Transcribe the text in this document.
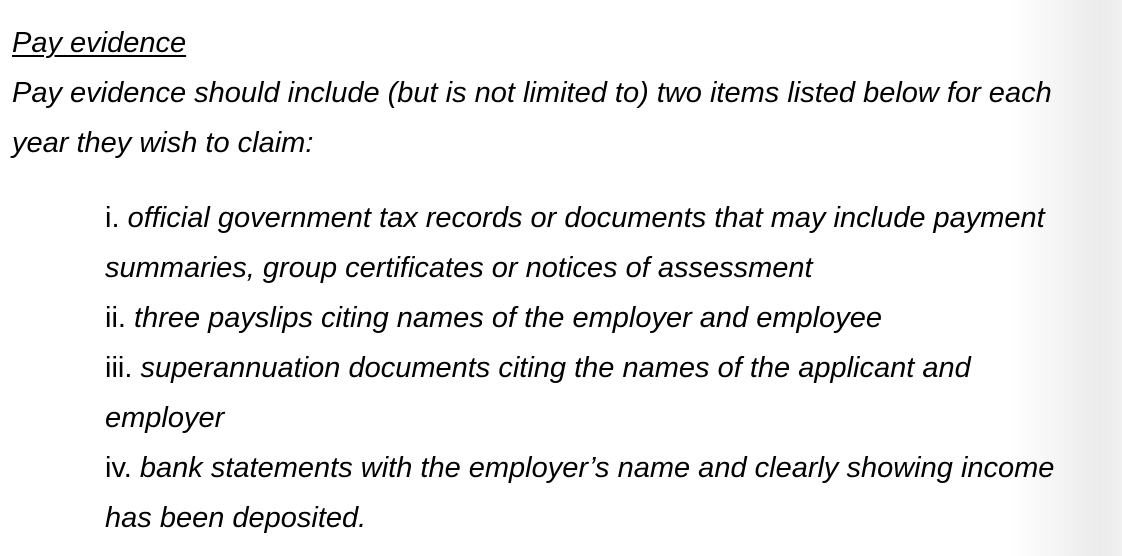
Pay evidence

Pay evidence should include (but is not limited to) two items listed below for each year they wish to claim:

i. official government tax records or documents that may include payment summaries, group certificates or notices of assessment
ii. three payslips citing names of the employer and employee
iii. superannuation documents citing the names of the applicant and employer
iv. bank statements with the employer’s name and clearly showing income has been deposited.
